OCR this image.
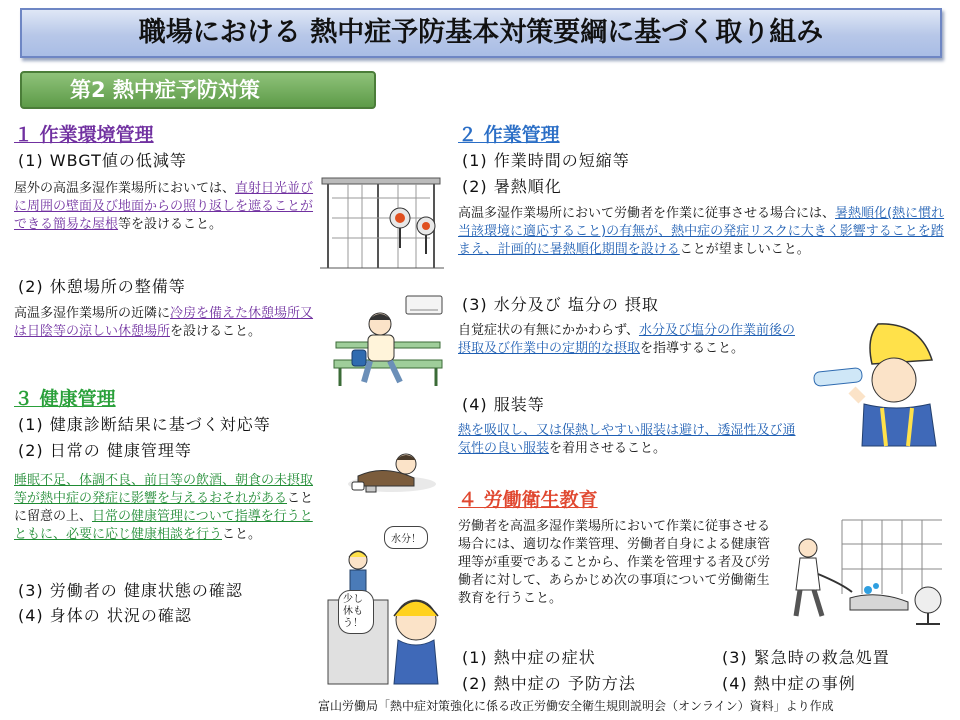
職場における 熱中症予防基本対策要綱に基づく取り組み
第2 熱中症予防対策
１ 作業環境管理
(1) WBGT値の低減等
屋外の高温多湿作業場所においては、直射日光並びに周囲の壁面及び地面からの照り返しを遮ることができる簡易な屋根等を設けること。
(2) 休憩場所の整備等
高温多湿作業場所の近隣に冷房を備えた休憩場所又は日陰等の涼しい休憩場所を設けること。
３ 健康管理
(1) 健康診断結果に基づく対応等
(2) 日常の 健康管理等
睡眠不足、体調不良、前日等の飲酒、朝食の未摂取等が熱中症の発症に影響を与えるおそれがあることに留意の上、日常の健康管理について指導を行うとともに、必要に応じ健康相談を行うこと。
(3) 労働者の 健康状態の確認
(4) 身体の 状況の確認
２ 作業管理
(1) 作業時間の短縮等
(2) 暑熱順化
高温多湿作業場所において労働者を作業に従事させる場合には、暑熱順化(熱に慣れ当該環境に適応すること)の有無が、熱中症の発症リスクに大きく影響することを踏まえ、計画的に暑熱順化期間を設けることが望ましいこと。
(3) 水分及び 塩分の 摂取
自覚症状の有無にかかわらず、水分及び塩分の作業前後の摂取及び作業中の定期的な摂取を指導すること。
(4) 服装等
熱を吸収し、又は保熱しやすい服装は避け、透湿性及び通気性の良い服装を着用させること。
４ 労働衛生教育
労働者を高温多湿作業場所において作業に従事させる場合には、適切な作業管理、労働者自身による健康管理等が重要であることから、作業を管理する者及び労働者に対して、あらかじめ次の事項について労働衛生教育を行うこと。
(1) 熱中症の症状
(2) 熱中症の 予防方法
(3) 緊急時の救急処置
(4) 熱中症の事例
富山労働局「熱中症対策強化に係る改正労働安全衛生規則説明会（オンライン）資料」より作成
水分！
少し休もう！
